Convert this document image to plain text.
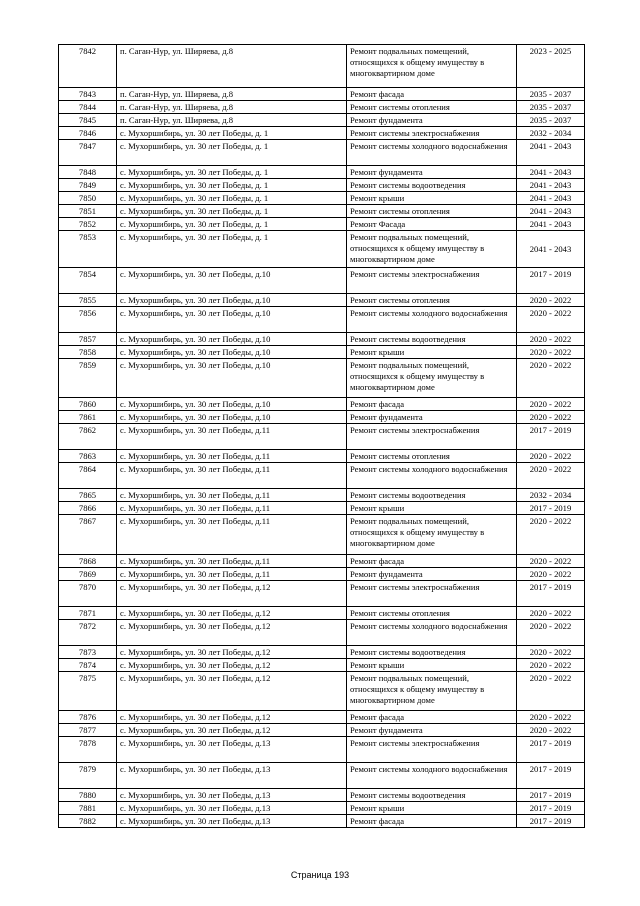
7842	п. Саган-Нур, ул. Ширяева, д.8	Ремонт подвальных помещений, относящихся к общему имуществу в многоквартирном доме	2023 - 2025
7843	п. Саган-Нур, ул. Ширяева, д.8	Ремонт фасада	2035 - 2037
7844	п. Саган-Нур, ул. Ширяева, д.8	Ремонт системы отопления	2035 - 2037
7845	п. Саган-Нур, ул. Ширяева, д.8	Ремонт фундамента	2035 - 2037
7846	с. Мухоршибирь, ул. 30 лет Победы, д. 1	Ремонт системы электроснабжения	2032 - 2034
7847	с. Мухоршибирь, ул. 30 лет Победы, д. 1	Ремонт системы холодного водоснабжения	2041 - 2043
7848	с. Мухоршибирь, ул. 30 лет Победы, д. 1	Ремонт фундамента	2041 - 2043
7849	с. Мухоршибирь, ул. 30 лет Победы, д. 1	Ремонт системы водоотведения	2041 - 2043
7850	с. Мухоршибирь, ул. 30 лет Победы, д. 1	Ремонт крыши	2041 - 2043
7851	с. Мухоршибирь, ул. 30 лет Победы, д. 1	Ремонт системы отопления	2041 - 2043
7852	с. Мухоршибирь, ул. 30 лет Победы, д. 1	Ремонт Фасада	2041 - 2043
7853	с. Мухоршибирь, ул. 30 лет Победы, д. 1	Ремонт подвальных помещений, относящихся к общему имуществу в многоквартирном доме	2041 - 2043
7854	с. Мухоршибирь, ул. 30 лет Победы, д.10	Ремонт системы электроснабжения	2017 - 2019
7855	с. Мухоршибирь, ул. 30 лет Победы, д.10	Ремонт системы отопления	2020 - 2022
7856	с. Мухоршибирь, ул. 30 лет Победы, д.10	Ремонт системы холодного водоснабжения	2020 - 2022
7857	с. Мухоршибирь, ул. 30 лет Победы, д.10	Ремонт системы водоотведения	2020 - 2022
7858	с. Мухоршибирь, ул. 30 лет Победы, д.10	Ремонт крыши	2020 - 2022
7859	с. Мухоршибирь, ул. 30 лет Победы, д.10	Ремонт подвальных помещений, относящихся к общему имуществу в многоквартирном доме	2020 - 2022
7860	с. Мухоршибирь, ул. 30 лет Победы, д.10	Ремонт фасада	2020 - 2022
7861	с. Мухоршибирь, ул. 30 лет Победы, д.10	Ремонт фундамента	2020 - 2022
7862	с. Мухоршибирь, ул. 30 лет Победы, д.11	Ремонт системы электроснабжения	2017 - 2019
7863	с. Мухоршибирь, ул. 30 лет Победы, д.11	Ремонт системы отопления	2020 - 2022
7864	с. Мухоршибирь, ул. 30 лет Победы, д.11	Ремонт системы холодного водоснабжения	2020 - 2022
7865	с. Мухоршибирь, ул. 30 лет Победы, д.11	Ремонт системы водоотведения	2032 - 2034
7866	с. Мухоршибирь, ул. 30 лет Победы, д.11	Ремонт крыши	2017 - 2019
7867	с. Мухоршибирь, ул. 30 лет Победы, д.11	Ремонт подвальных помещений, относящихся к общему имуществу в многоквартирном доме	2020 - 2022
7868	с. Мухоршибирь, ул. 30 лет Победы, д.11	Ремонт фасада	2020 - 2022
7869	с. Мухоршибирь, ул. 30 лет Победы, д.11	Ремонт фундамента	2020 - 2022
7870	с. Мухоршибирь, ул. 30 лет Победы, д.12	Ремонт системы электроснабжения	2017 - 2019
7871	с. Мухоршибирь, ул. 30 лет Победы, д.12	Ремонт системы отопления	2020 - 2022
7872	с. Мухоршибирь, ул. 30 лет Победы, д.12	Ремонт системы холодного водоснабжения	2020 - 2022
7873	с. Мухоршибирь, ул. 30 лет Победы, д.12	Ремонт системы водоотведения	2020 - 2022
7874	с. Мухоршибирь, ул. 30 лет Победы, д.12	Ремонт крыши	2020 - 2022
7875	с. Мухоршибирь, ул. 30 лет Победы, д.12	Ремонт подвальных помещений, относящихся к общему имуществу в многоквартирном доме	2020 - 2022
7876	с. Мухоршибирь, ул. 30 лет Победы, д.12	Ремонт фасада	2020 - 2022
7877	с. Мухоршибирь, ул. 30 лет Победы, д.12	Ремонт фундамента	2020 - 2022
7878	с. Мухоршибирь, ул. 30 лет Победы, д.13	Ремонт системы электроснабжения	2017 - 2019
7879	с. Мухоршибирь, ул. 30 лет Победы, д.13	Ремонт системы холодного водоснабжения	2017 - 2019
7880	с. Мухоршибирь, ул. 30 лет Победы, д.13	Ремонт системы водоотведения	2017 - 2019
7881	с. Мухоршибирь, ул. 30 лет Победы, д.13	Ремонт крыши	2017 - 2019
7882	с. Мухоршибирь, ул. 30 лет Победы, д.13	Ремонт фасада	2017 - 2019
Страница 193
